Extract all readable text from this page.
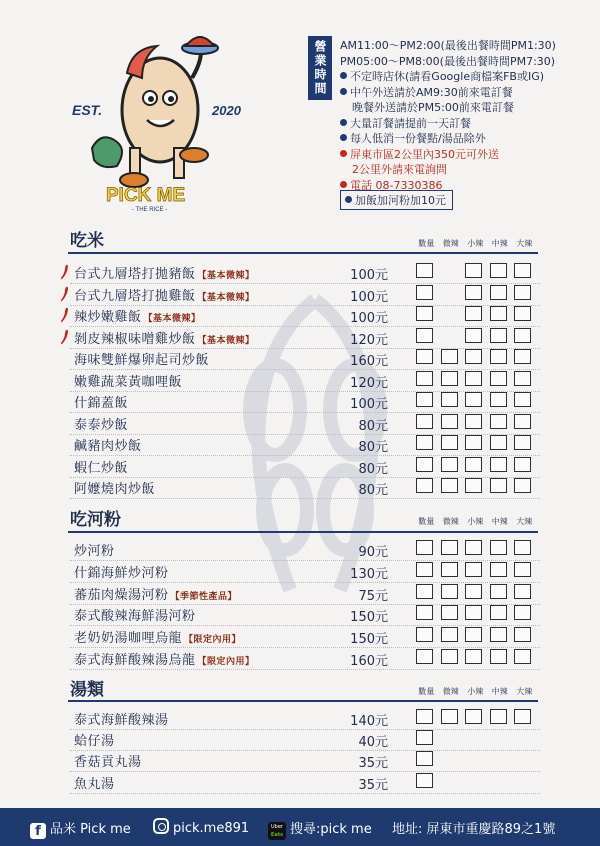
EST.	2020
PICK ME
- THE RICE -
營業時間	AM11:00～PM2:00(最後出餐時間PM1:30)
PM05:00～PM8:00(最後出餐時間PM7:30)
不定時店休(請看Google商檔案FB或IG)
中午外送請於AM9:30前來電訂餐
晚餐外送請於PM5:00前來電訂餐
大量訂餐請提前一天訂餐
每人低消一份餐點/湯品除外
屏東市區2公里內350元可外送
2公里外請來電詢問
電話 08-7330386
加飯加河粉加10元
吃米	數量	微辣	小辣	中辣	大辣
台式九層塔打拋豬飯 【基本微辣】	100元
台式九層塔打拋雞飯 【基本微辣】	100元
辣炒嫩雞飯 【基本微辣】	100元
剝皮辣椒味噌雞炒飯 【基本微辣】	120元
海味雙鮮爆卵起司炒飯	160元
嫩雞蔬菜黃咖哩飯	120元
什錦蓋飯	100元
泰泰炒飯	80元
鹹豬肉炒飯	80元
蝦仁炒飯	80元
阿嬤燒肉炒飯	80元
吃河粉	數量	微辣	小辣	中辣	大辣
炒河粉	90元
什錦海鮮炒河粉	130元
蕃茄肉燥湯河粉 【季節性產品】	75元
泰式酸辣海鮮湯河粉	150元
老奶奶湯咖哩烏龍 【限定內用】	150元
泰式海鮮酸辣湯烏龍 【限定內用】	160元
湯類	數量	微辣	小辣	中辣	大辣
泰式海鮮酸辣湯	140元
蛤仔湯	40元
香菇貢丸湯	35元
魚丸湯	35元
f 品米 Pick me	pick.me891	Uber
Eats 搜尋:pick me 地址: 屏東市重慶路89之1號
